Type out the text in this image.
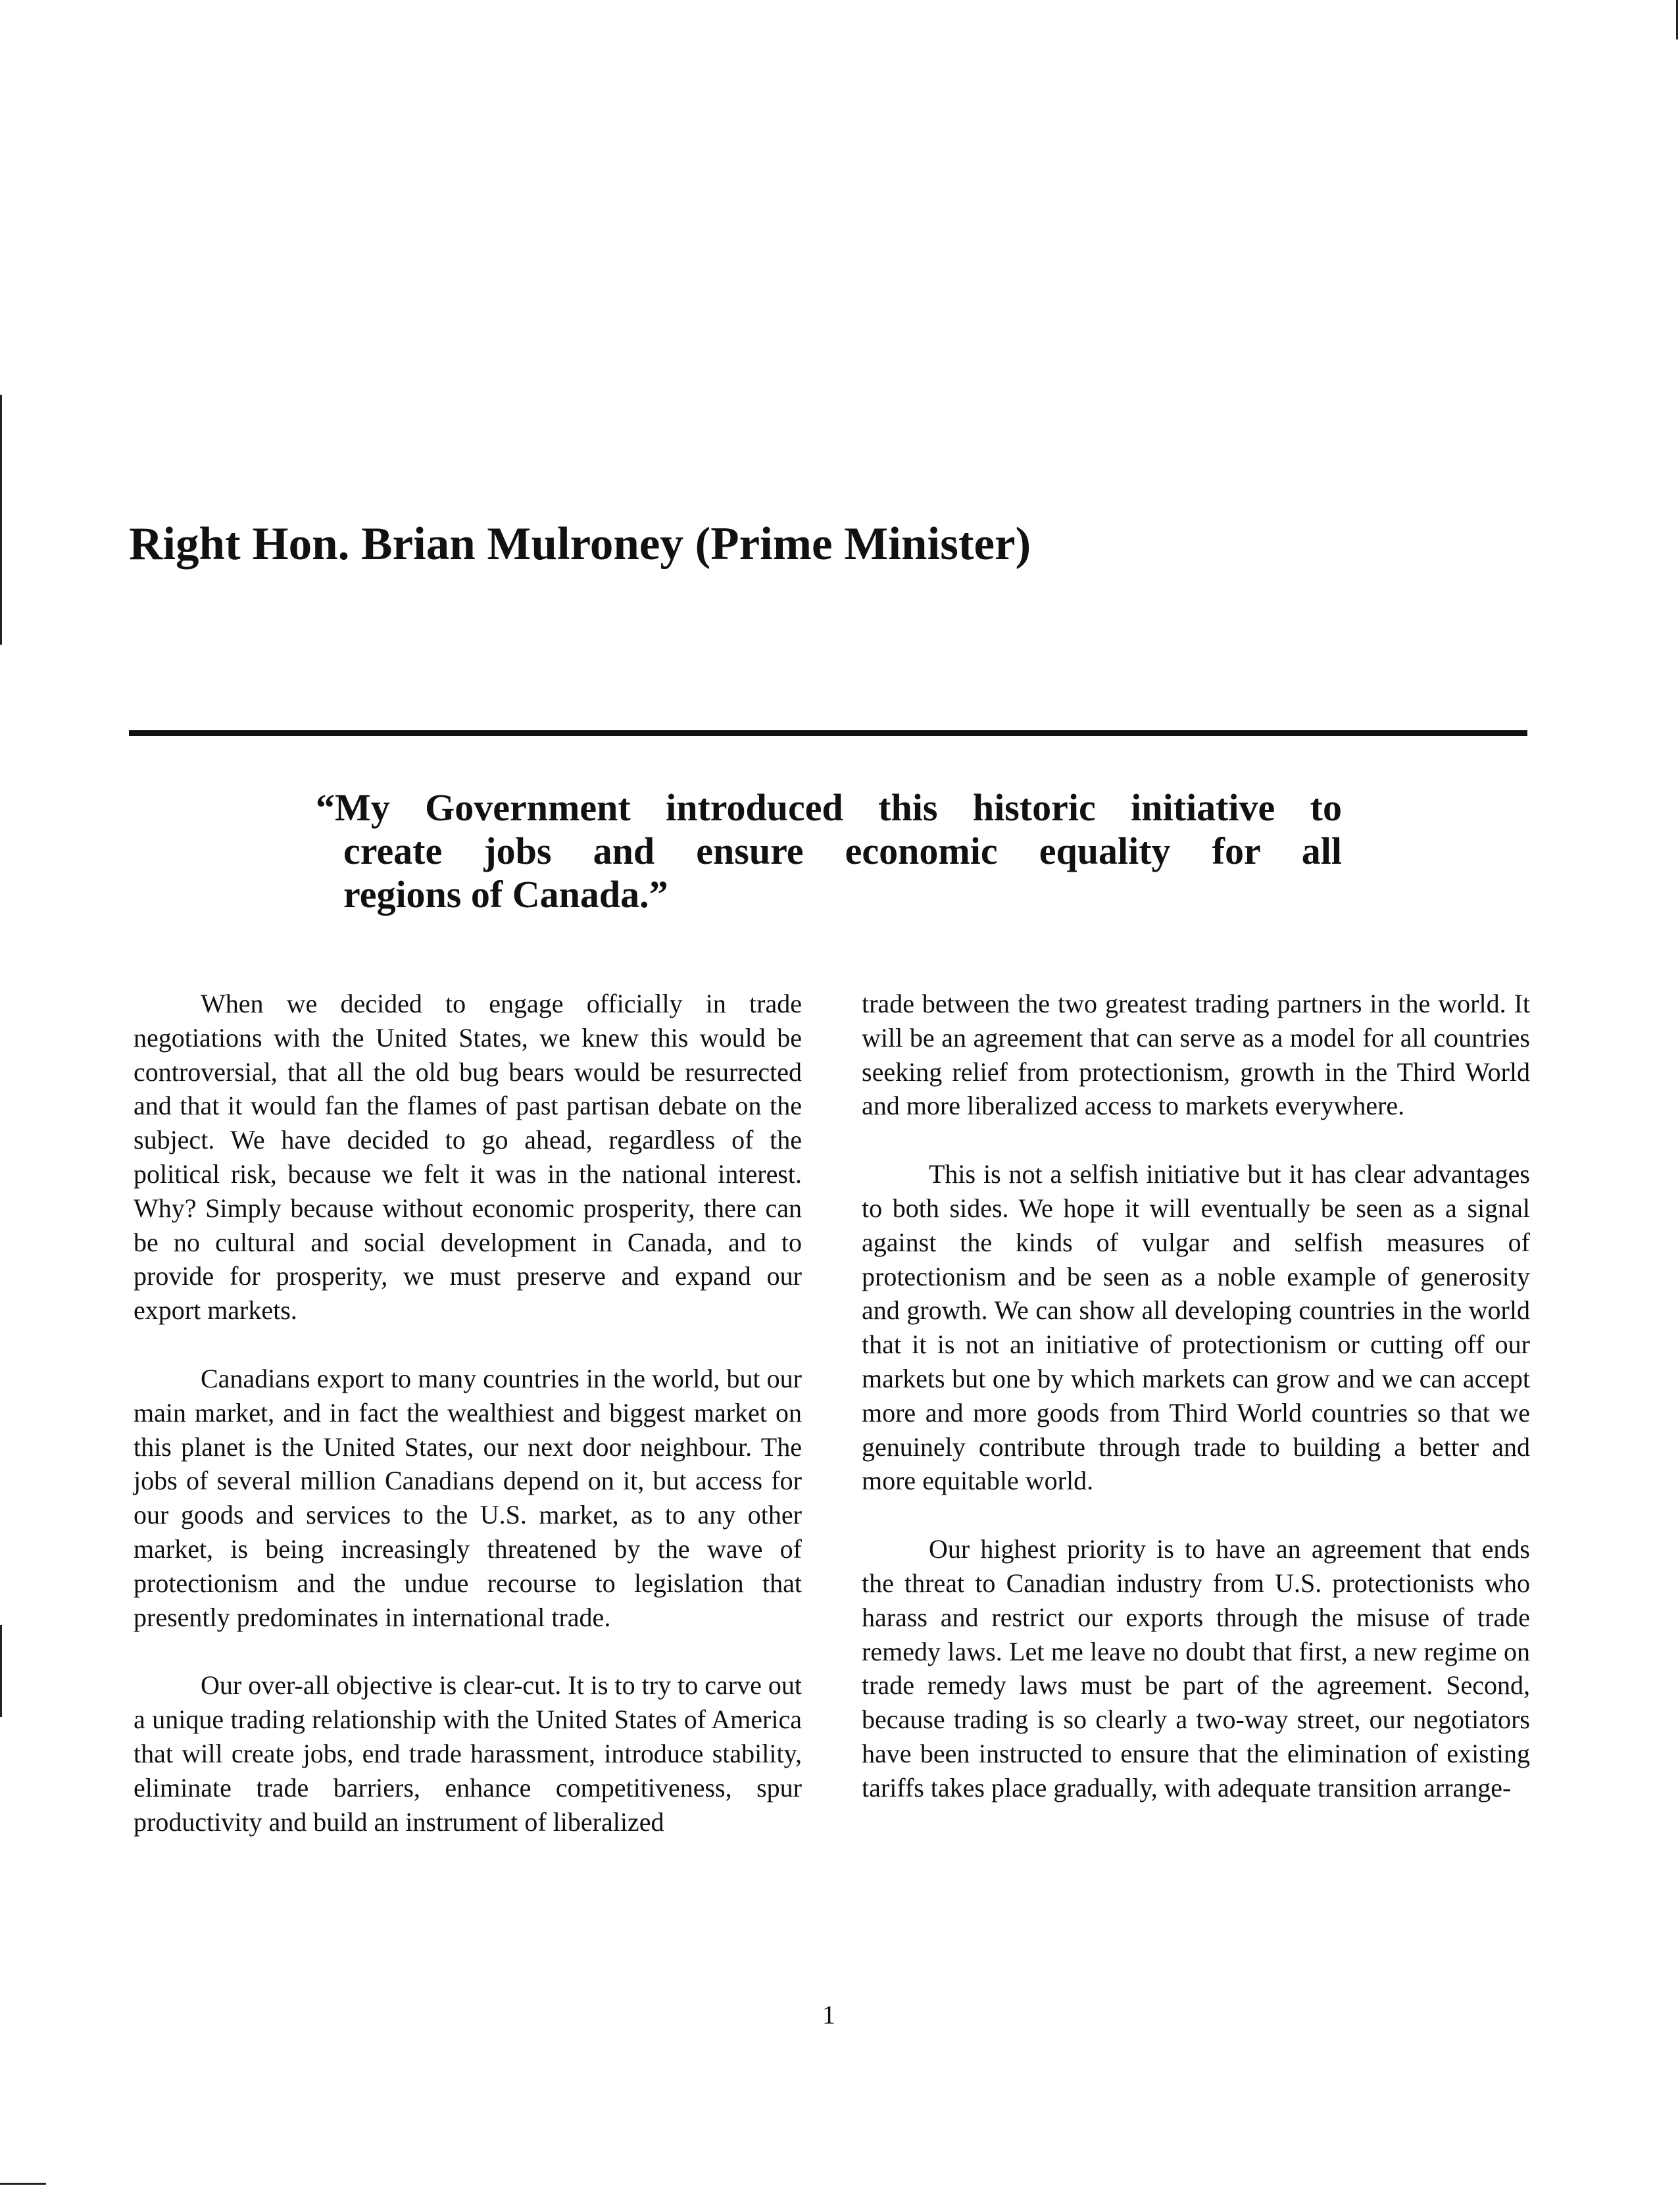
Right Hon. Brian Mulroney (Prime Minister)
“My Government introduced this historic initiative to
create jobs and ensure economic equality for all
regions of Canada.”

When we decided to engage officially in trade negotiations with the United States, we knew this would be controversial, that all the old bug bears would be resurrected and that it would fan the flames of past partisan debate on the subject. We have decided to go ahead, regardless of the political risk, because we felt it was in the national interest. Why? Simply because without economic prosperity, there can be no cultural and social development in Canada, and to provide for prosperity, we must preserve and expand our export markets.

Canadians export to many countries in the world, but our main market, and in fact the wealthiest and biggest market on this planet is the United States, our next door neighbour. The jobs of several million Canadians depend on it, but access for our goods and services to the U.S. market, as to any other market, is being increasingly threatened by the wave of protectionism and the undue recourse to legislation that presently predominates in international trade.

Our over-all objective is clear-cut. It is to try to carve out a unique trading relationship with the United States of America that will create jobs, end trade harassment, introduce stability, eliminate trade barriers, enhance competitiveness, spur productivity and build an instrument of liberalized

trade between the two greatest trading partners in the world. It will be an agreement that can serve as a model for all countries seeking relief from protectionism, growth in the Third World and more liberalized access to markets everywhere.

This is not a selfish initiative but it has clear advantages to both sides. We hope it will eventually be seen as a signal against the kinds of vulgar and selfish measures of protectionism and be seen as a noble example of generosity and growth. We can show all developing countries in the world that it is not an initiative of protectionism or cutting off our markets but one by which markets can grow and we can accept more and more goods from Third World countries so that we genuinely contribute through trade to building a better and more equitable world.

Our highest priority is to have an agreement that ends the threat to Canadian industry from U.S. protectionists who harass and restrict our exports through the misuse of trade remedy laws. Let me leave no doubt that first, a new regime on trade remedy laws must be part of the agreement. Second, because trading is so clearly a two-way street, our negotiators have been instructed to ensure that the elimination of existing tariffs takes place gradually, with adequate transition arrange-

1
